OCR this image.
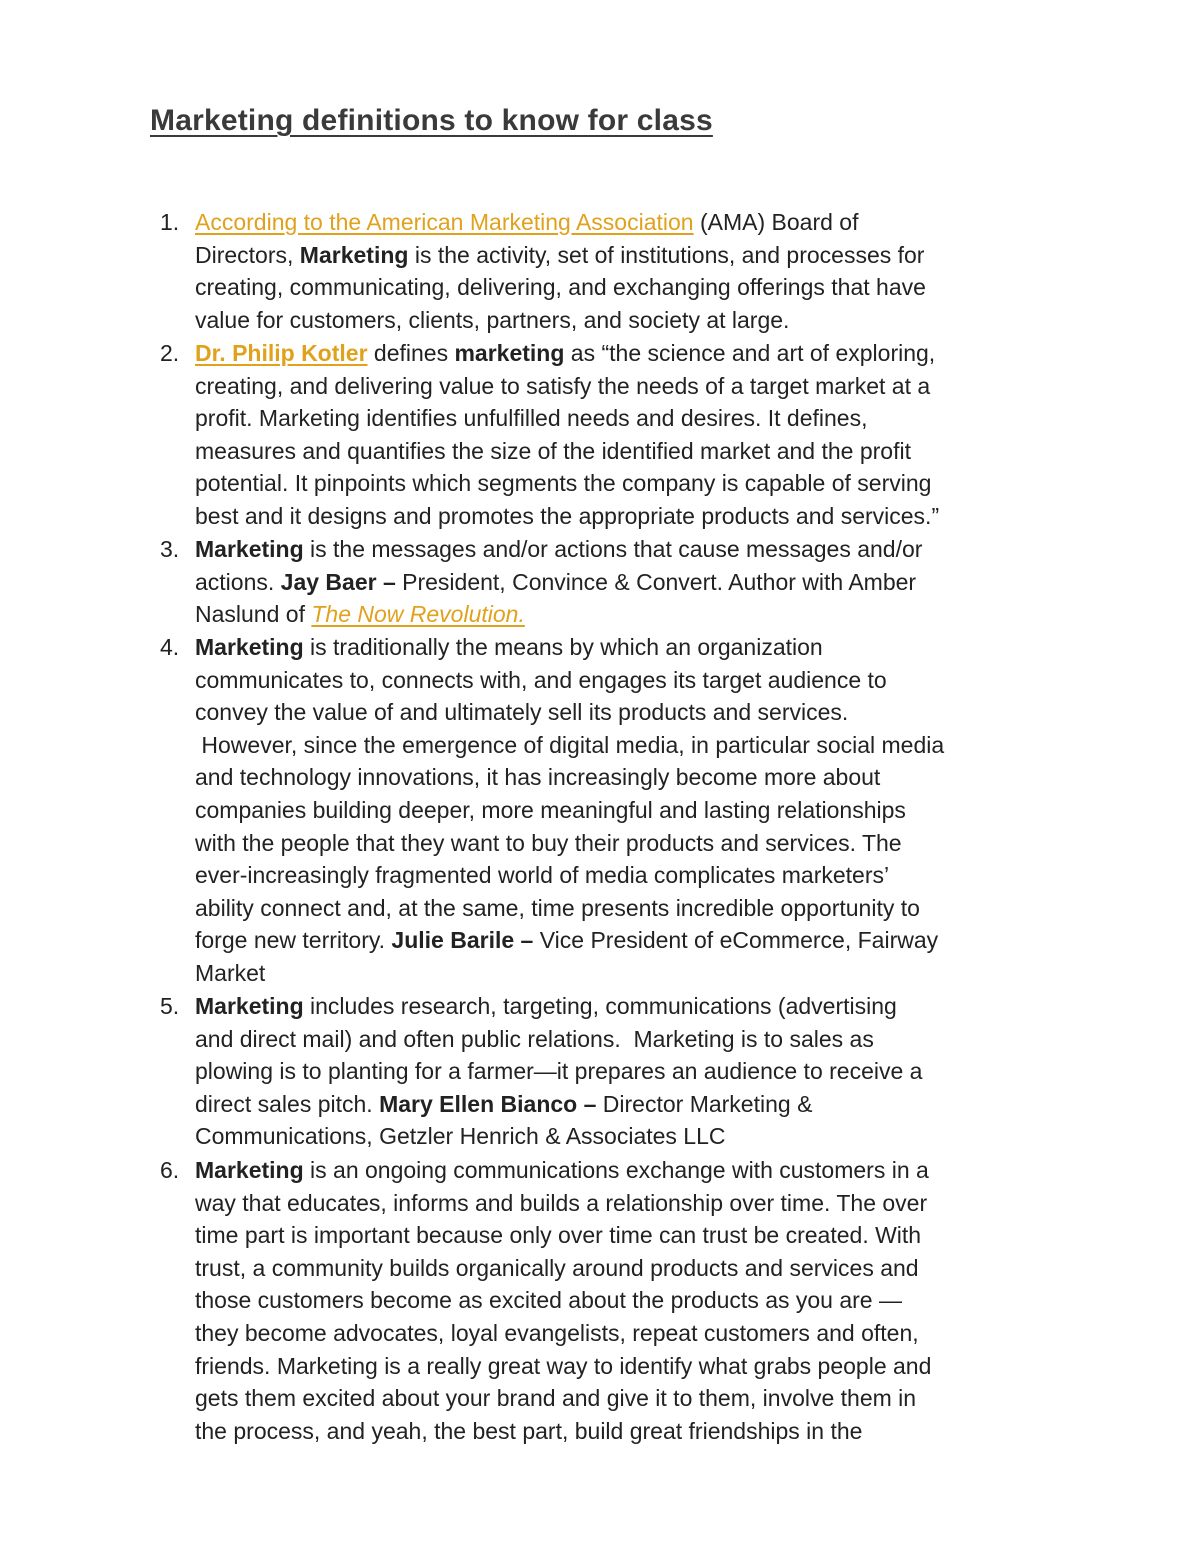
Marketing definitions to know for class
1. According to the American Marketing Association (AMA) Board of
Directors, Marketing is the activity, set of institutions, and processes for
creating, communicating, delivering, and exchanging offerings that have
value for customers, clients, partners, and society at large.
2. Dr. Philip Kotler defines marketing as “the science and art of exploring,
creating, and delivering value to satisfy the needs of a target market at a
profit. Marketing identifies unfulfilled needs and desires. It defines,
measures and quantifies the size of the identified market and the profit
potential. It pinpoints which segments the company is capable of serving
best and it designs and promotes the appropriate products and services.”
3. Marketing is the messages and/or actions that cause messages and/or
actions. Jay Baer – President, Convince & Convert. Author with Amber
Naslund of The Now Revolution.
4. Marketing is traditionally the means by which an organization
communicates to, connects with, and engages its target audience to
convey the value of and ultimately sell its products and services.
However, since the emergence of digital media, in particular social media
and technology innovations, it has increasingly become more about
companies building deeper, more meaningful and lasting relationships
with the people that they want to buy their products and services. The
ever-increasingly fragmented world of media complicates marketers’
ability connect and, at the same, time presents incredible opportunity to
forge new territory. Julie Barile – Vice President of eCommerce, Fairway
Market
5. Marketing includes research, targeting, communications (advertising
and direct mail) and often public relations.  Marketing is to sales as
plowing is to planting for a farmer—it prepares an audience to receive a
direct sales pitch. Mary Ellen Bianco – Director Marketing &
Communications, Getzler Henrich & Associates LLC
6. Marketing is an ongoing communications exchange with customers in a
way that educates, informs and builds a relationship over time. The over
time part is important because only over time can trust be created. With
trust, a community builds organically around products and services and
those customers become as excited about the products as you are —
they become advocates, loyal evangelists, repeat customers and often,
friends. Marketing is a really great way to identify what grabs people and
gets them excited about your brand and give it to them, involve them in
the process, and yeah, the best part, build great friendships in the
